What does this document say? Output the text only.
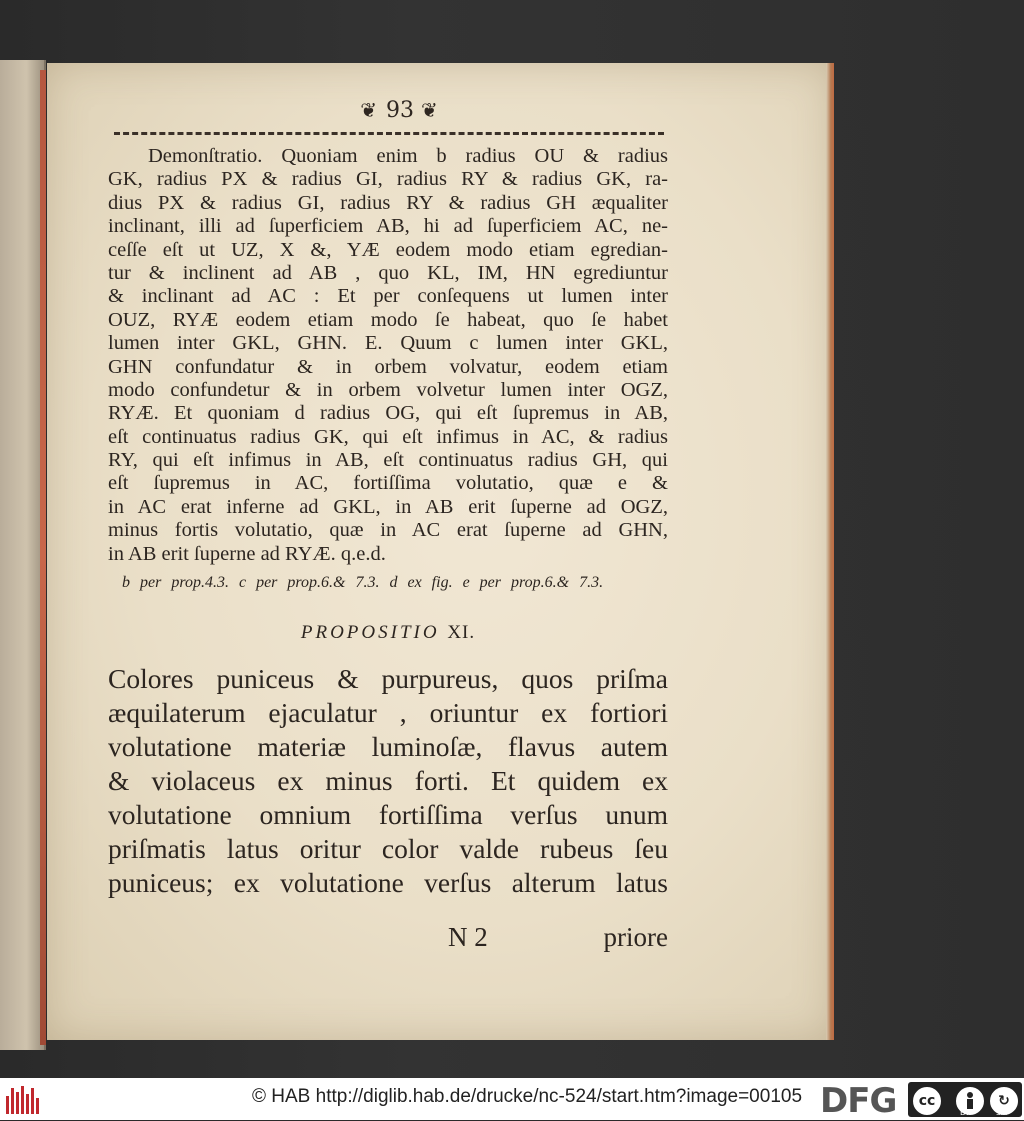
❦ 93 ❦
Demonſtratio. Quoniam enim b radius OU & radius
GK, radius PX & radius GI, radius RY & radius GK, ra-
dius PX & radius GI, radius RY & radius GH æqualiter
inclinant, illi ad ſuperficiem AB, hi ad ſuperficiem AC, ne-
ceſſe eſt ut UZ, X &, YÆ eodem modo etiam egredian-
tur & inclinent ad AB , quo KL, IM, HN egrediuntur
& inclinant ad AC : Et per conſequens ut lumen inter
OUZ, RYÆ eodem etiam modo ſe habeat, quo ſe habet
lumen inter GKL, GHN. E. Quum c lumen inter GKL,
GHN confundatur & in orbem volvatur, eodem etiam
modo confundetur & in orbem volvetur lumen inter OGZ,
RYÆ. Et quoniam d radius OG, qui eſt ſupremus in AB,
eſt continuatus radius GK, qui eſt infimus in AC, & radius
RY, qui eſt infimus in AB, eſt continuatus radius GH, qui
eſt ſupremus in AC, fortiſſima volutatio, quæ e &
in AC erat inferne ad GKL, in AB erit ſuperne ad OGZ,
minus fortis volutatio, quæ in AC erat ſuperne ad GHN,
in AB erit ſuperne ad RYÆ. q.e.d.
b per prop.4.3. c per prop.6.& 7.3. d ex fig. e per prop.6.& 7.3.
PROPOSITIO XI.
Colores puniceus & purpureus, quos priſma
æquilaterum ejaculatur , oriuntur ex fortiori
volutatione materiæ luminoſæ, flavus autem
& violaceus ex minus forti. Et quidem ex
volutatione omnium fortiſſima verſus unum
priſmatis latus oritur color valde rubeus ſeu
puniceus; ex volutatione verſus alterum latus
N 2	priore
© HAB http://diglib.hab.de/drucke/nc-524/start.htm?image=00105 DFG	cc	↻
BY	SA
